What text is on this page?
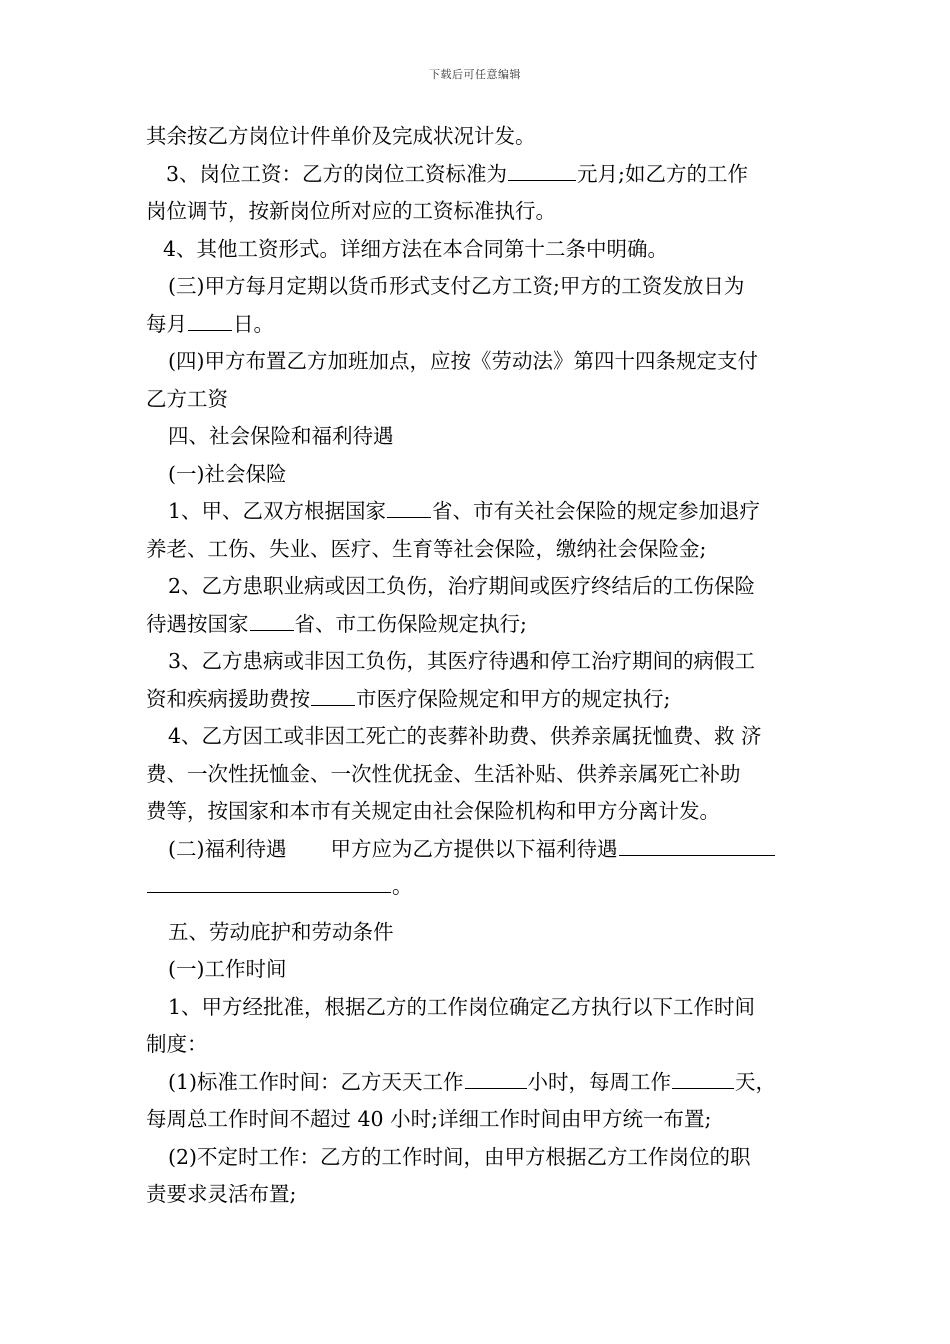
下载后可任意编辑
其余按乙方岗位计件单价及完成状况计发。
3、岗位工资：乙方的岗位工资标准为	元月;如乙方的工作
岗位调节，按新岗位所对应的工资标准执行。
4、其他工资形式。详细方法在本合同第十二条中明确。
(三)甲方每月定期以货币形式支付乙方工资;甲方的工资发放日为
每月 日。
(四)甲方布置乙方加班加点，应按《劳动法》第四十四条规定支付
乙方工资
四、社会保险和福利待遇
(一)社会保险
1、甲、乙双方根据国家 省、市有关社会保险的规定参加退疗
养老、工伤、失业、医疗、生育等社会保险，缴纳社会保险金;
2、乙方患职业病或因工负伤，治疗期间或医疗终结后的工伤保险
待遇按国家 省、市工伤保险规定执行;
3、乙方患病或非因工负伤，其医疗待遇和停工治疗期间的病假工
资和疾病援助费按 市医疗保险规定和甲方的规定执行;
4、乙方因工或非因工死亡的丧葬补助费、供养亲属抚恤费、救 济
费、一次性抚恤金、一次性优抚金、生活补贴、供养亲属死亡补助
费等，按国家和本市有关规定由社会保险机构和甲方分离计发。
(二)福利待遇 甲方应为乙方提供以下福利待遇
。
五、劳动庇护和劳动条件
(一)工作时间
1、甲方经批准，根据乙方的工作岗位确定乙方执行以下工作时间
制度：
(1)标准工作时间：乙方天天工作	小时，每周工作	天，
每周总工作时间不超过 40 小时;详细工作时间由甲方统一布置;
(2)不定时工作：乙方的工作时间，由甲方根据乙方工作岗位的职
责要求灵活布置;
